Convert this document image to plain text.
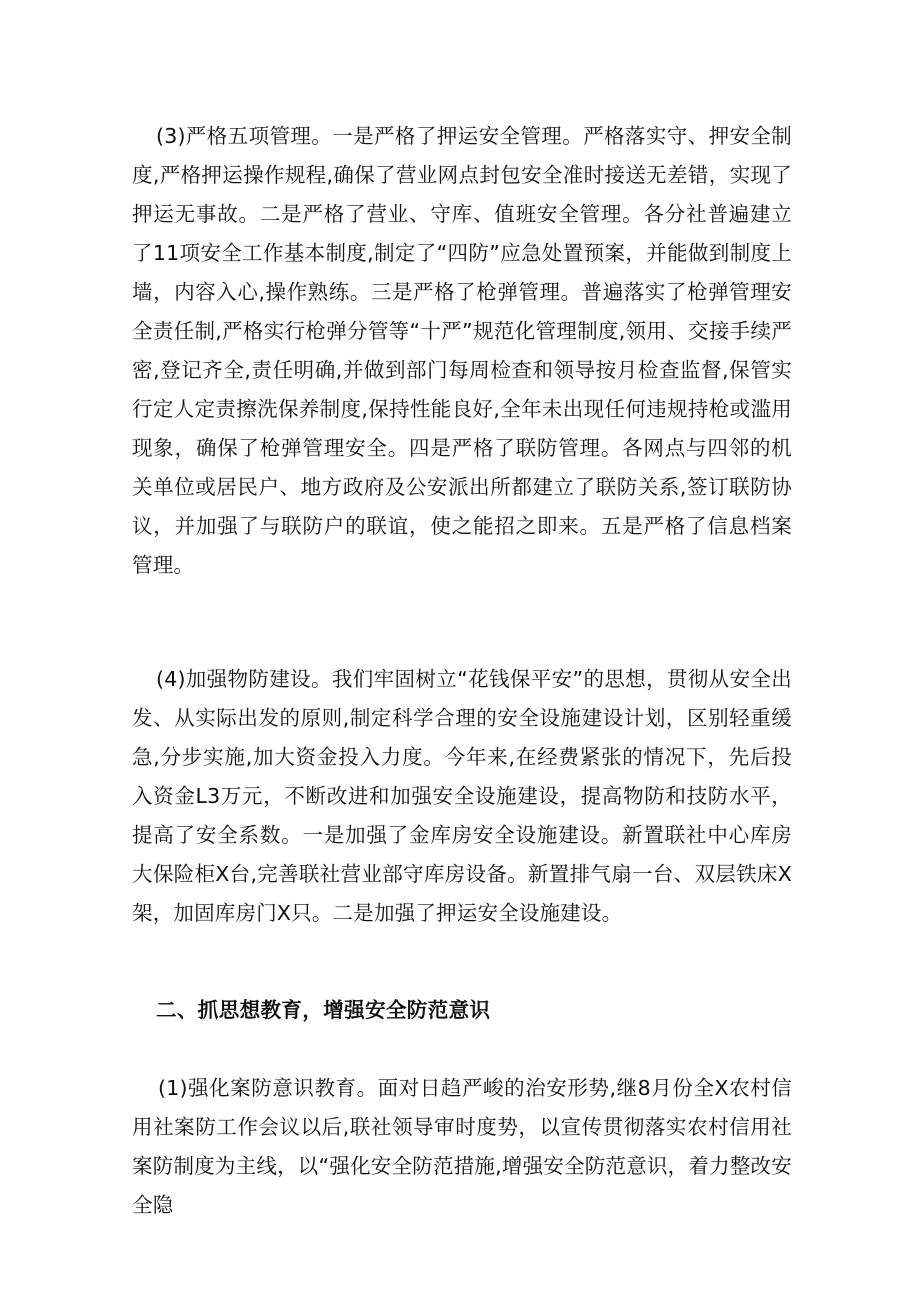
(3)严格五项管理。一是严格了押运安全管理。严格落实守、押安全制度,严格押运操作规程,确保了营业网点封包安全准时接送无差错，实现了押运无事故。二是严格了营业、守库、值班安全管理。各分社普遍建立了11项安全工作基本制度,制定了“四防”应急处置预案，并能做到制度上墙，内容入心,操作熟练。三是严格了枪弹管理。普遍落实了枪弹管理安全责任制,严格实行枪弹分管等“十严”规范化管理制度,领用、交接手续严密,登记齐全,责任明确,并做到部门每周检查和领导按月检查监督,保管实行定人定责擦洗保养制度,保持性能良好,全年未出现任何违规持枪或滥用现象，确保了枪弹管理安全。四是严格了联防管理。各网点与四邻的机关单位或居民户、地方政府及公安派出所都建立了联防关系,签订联防协议，并加强了与联防户的联谊，使之能招之即来。五是严格了信息档案管理。

(4)加强物防建设。我们牢固树立“花钱保平安”的思想，贯彻从安全出发、从实际出发的原则,制定科学合理的安全设施建设计划，区别轻重缓急,分步实施,加大资金投入力度。今年来,在经费紧张的情况下，先后投入资金L3万元，不断改进和加强安全设施建设，提高物防和技防水平，提高了安全系数。一是加强了金库房安全设施建设。新置联社中心库房大保险柜X台,完善联社营业部守库房设备。新置排气扇一台、双层铁床X架，加固库房门X只。二是加强了押运安全设施建设。

二、抓思想教育，增强安全防范意识

(1)强化案防意识教育。面对日趋严峻的治安形势,继8月份全X农村信用社案防工作会议以后,联社领导审时度势，以宣传贯彻落实农村信用社案防制度为主线，以“强化安全防范措施,增强安全防范意识，着力整改安全隐
